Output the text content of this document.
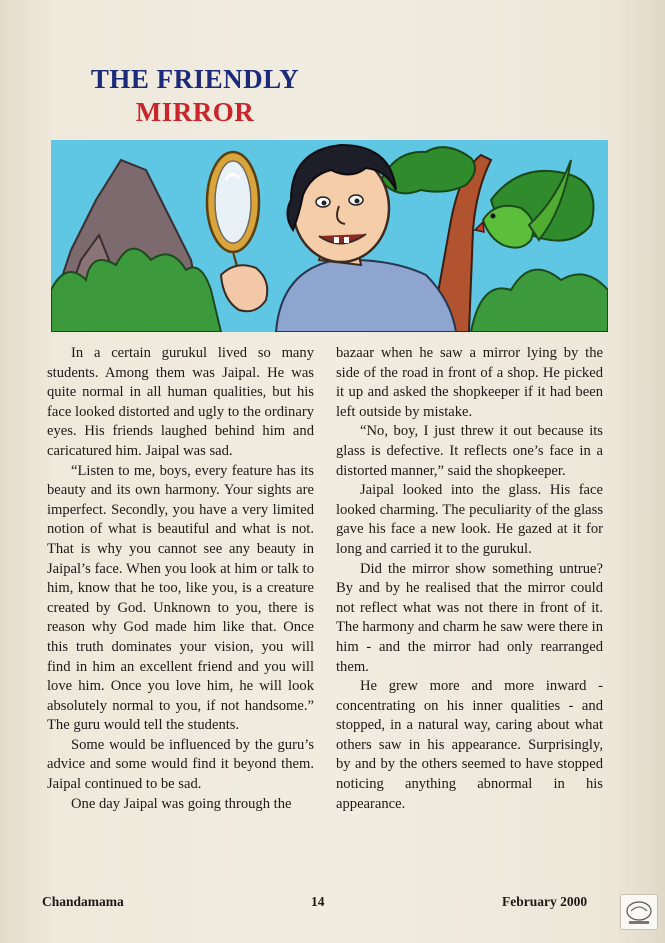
THE FRIENDLY
MIRROR

In a certain gurukul lived so many students. Among them was Jaipal. He was quite normal in all human qualities, but his face looked distorted and ugly to the ordinary eyes. His friends laughed behind him and caricatured him. Jaipal was sad.

“Listen to me, boys, every feature has its beauty and its own harmony. Your sights are imperfect. Secondly, you have a very limited notion of what is beautiful and what is not. That is why you cannot see any beauty in Jaipal’s face. When you look at him or talk to him, know that he too, like you, is a creature created by God. Unknown to you, there is reason why God made him like that. Once this truth dominates your vision, you will find in him an excellent friend and you will love him. Once you love him, he will look absolutely normal to you, if not handsome.” The guru would tell the students.

Some would be influenced by the guru’s advice and some would find it beyond them. Jaipal continued to be sad.

One day Jaipal was going through the

bazaar when he saw a mirror lying by the side of the road in front of a shop. He picked it up and asked the shopkeeper if it had been left outside by mistake.

“No, boy, I just threw it out because its glass is defective. It reflects one’s face in a distorted manner,” said the shopkeeper.

Jaipal looked into the glass. His face looked charming. The peculiarity of the glass gave his face a new look. He gazed at it for long and carried it to the gurukul.

Did the mirror show something untrue? By and by he realised that the mirror could not reflect what was not there in front of it. The harmony and charm he saw were there in him - and the mirror had only rearranged them.

He grew more and more inward - concentrating on his inner qualities - and stopped, in a natural way, caring about what others saw in his appearance. Surprisingly, by and by the others seemed to have stopped noticing anything abnormal in his appearance.

Chandamama	14	February 2000
